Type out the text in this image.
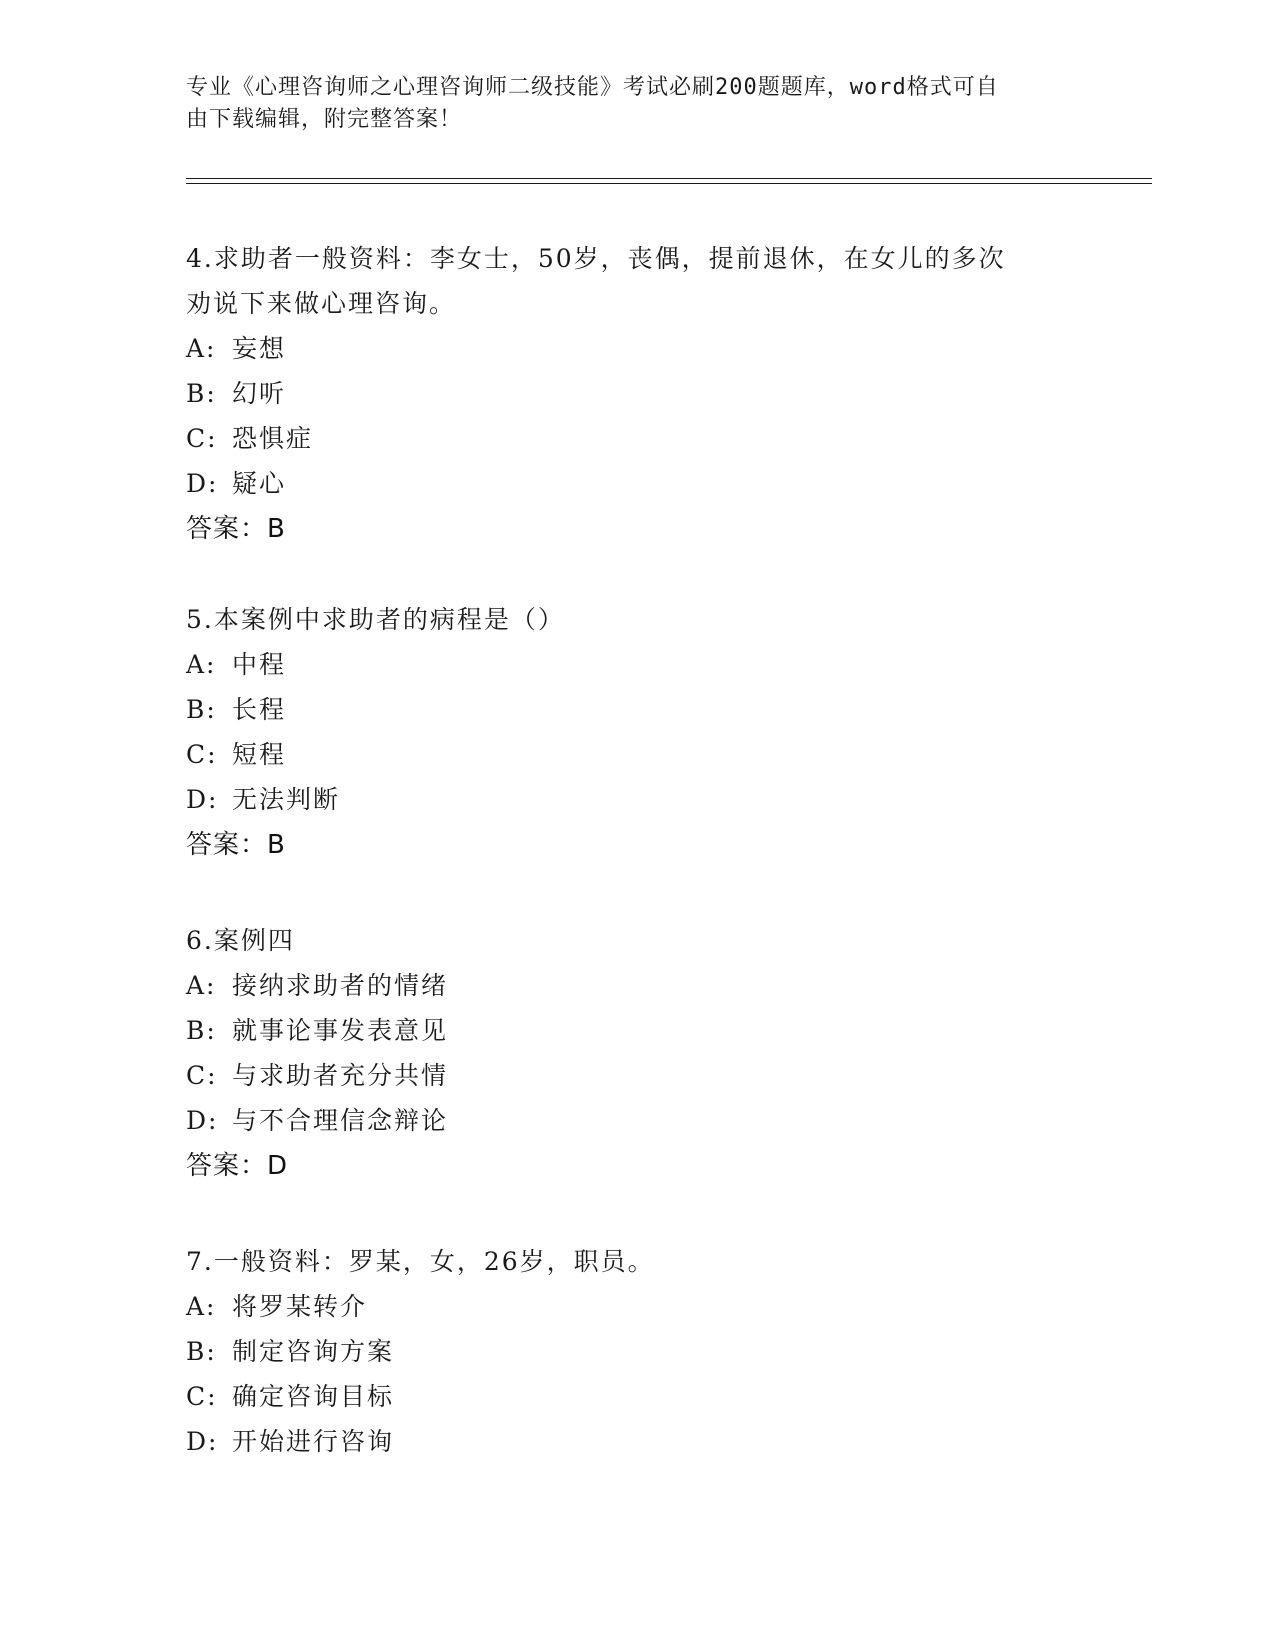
专业《心理咨询师之心理咨询师二级技能》考试必刷200题题库，word格式可自
由下载编辑，附完整答案！
4.求助者一般资料：李女士，50岁，丧偶，提前退休，在女儿的多次
劝说下来做心理咨询。
A: 妄想
B: 幻听
C: 恐惧症
D: 疑心
答案：B
5.本案例中求助者的病程是（）
A: 中程
B: 长程
C: 短程
D: 无法判断
答案：B
6.案例四
A: 接纳求助者的情绪
B: 就事论事发表意见
C: 与求助者充分共情
D: 与不合理信念辩论
答案：D
7.一般资料：罗某，女，26岁，职员。
A: 将罗某转介
B: 制定咨询方案
C: 确定咨询目标
D: 开始进行咨询
